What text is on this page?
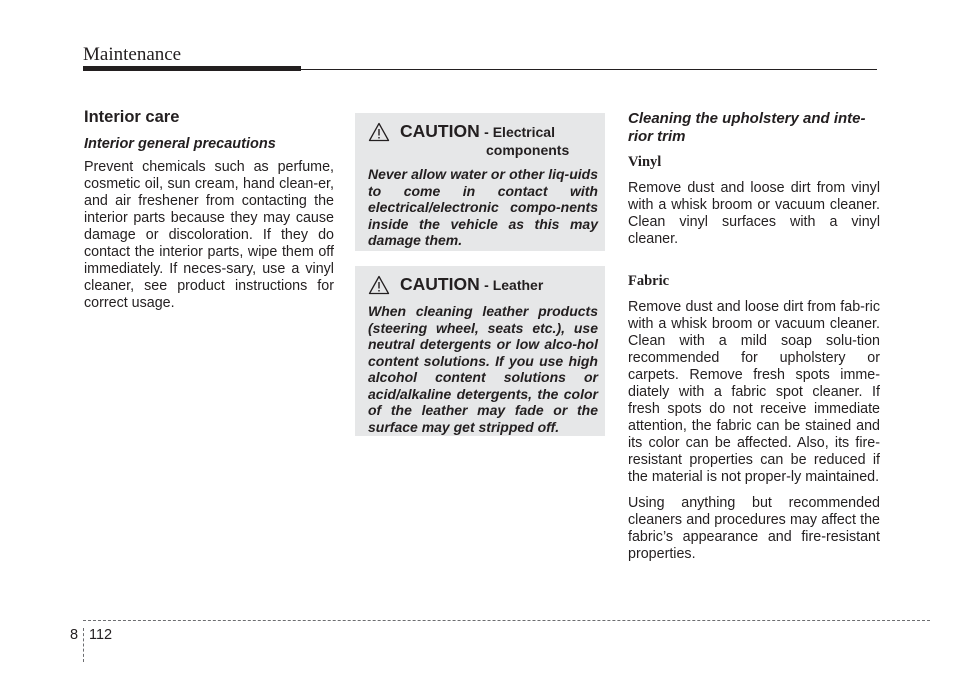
Maintenance
Interior care
Interior general precautions

Prevent chemicals such as perfume, cosmetic oil, sun cream, hand clean-er, and air freshener from contacting the interior parts because they may cause damage or discoloration. If they do contact the interior parts, wipe them off immediately. If neces-sary, use a vinyl cleaner, see product instructions for correct usage.

CAUTION - Electrical
components
Never allow water or other liq-uids to come in contact with electrical/electronic compo-nents inside the vehicle as this may damage them.
CAUTION - Leather
When cleaning leather products (steering wheel, seats etc.), use neutral detergents or low alco-hol content solutions. If you use high alcohol content solutions or acid/alkaline detergents, the color of the leather may fade or the surface may get stripped off.
Cleaning the upholstery and inte-rior trim
Vinyl

Remove dust and loose dirt from vinyl with a whisk broom or vacuum cleaner. Clean vinyl surfaces with a vinyl cleaner.

Fabric

Remove dust and loose dirt from fab-ric with a whisk broom or vacuum cleaner. Clean with a mild soap solu-tion recommended for upholstery or carpets. Remove fresh spots imme-diately with a fabric spot cleaner. If fresh spots do not receive immediate attention, the fabric can be stained and its color can be affected. Also, its fire-resistant properties can be reduced if the material is not proper-ly maintained.

Using anything but recommended cleaners and procedures may affect the fabric’s appearance and fire-resistant properties.

8 112
